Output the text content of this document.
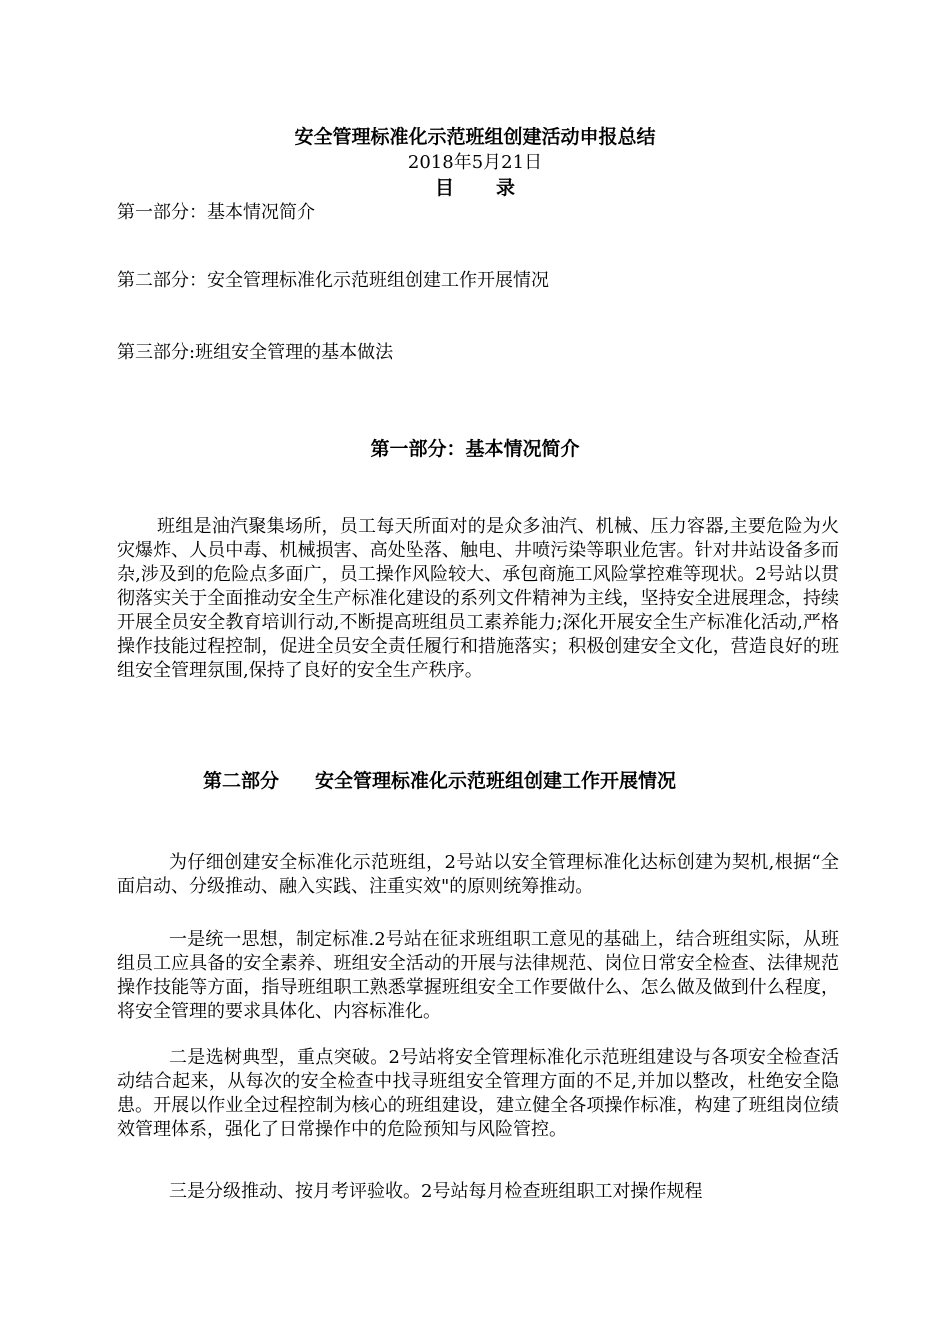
安全管理标准化示范班组创建活动申报总结
2018年5月21日
目 录
第一部分：基本情况简介
第二部分：安全管理标准化示范班组创建工作开展情况
第三部分:班组安全管理的基本做法
第一部分：基本情况简介

班组是油汽聚集场所，员工每天所面对的是众多油汽、机械、压力容器,主要危险为火灾爆炸、人员中毒、机械损害、高处坠落、触电、井喷污染等职业危害。针对井站设备多而杂,涉及到的危险点多面广，员工操作风险较大、承包商施工风险掌控难等现状。2号站以贯彻落实关于全面推动安全生产标准化建设的系列文件精神为主线，坚持安全进展理念，持续开展全员安全教育培训行动,不断提高班组员工素养能力;深化开展安全生产标准化活动,严格操作技能过程控制，促进全员安全责任履行和措施落实；积极创建安全文化，营造良好的班组安全管理氛围,保持了良好的安全生产秩序。

第二部分 安全管理标准化示范班组创建工作开展情况

为仔细创建安全标准化示范班组，2号站以安全管理标准化达标创建为契机,根据“全面启动、分级推动、融入实践、注重实效"的原则统筹推动。

一是统一思想，制定标准.2号站在征求班组职工意见的基础上，结合班组实际，从班组员工应具备的安全素养、班组安全活动的开展与法律规范、岗位日常安全检查、法律规范操作技能等方面，指导班组职工熟悉掌握班组安全工作要做什么、怎么做及做到什么程度，将安全管理的要求具体化、内容标准化。

二是选树典型，重点突破。2号站将安全管理标准化示范班组建设与各项安全检查活动结合起来，从每次的安全检查中找寻班组安全管理方面的不足,并加以整改，杜绝安全隐患。开展以作业全过程控制为核心的班组建设，建立健全各项操作标准，构建了班组岗位绩效管理体系，强化了日常操作中的危险预知与风险管控。

三是分级推动、按月考评验收。2号站每月检查班组职工对操作规程
